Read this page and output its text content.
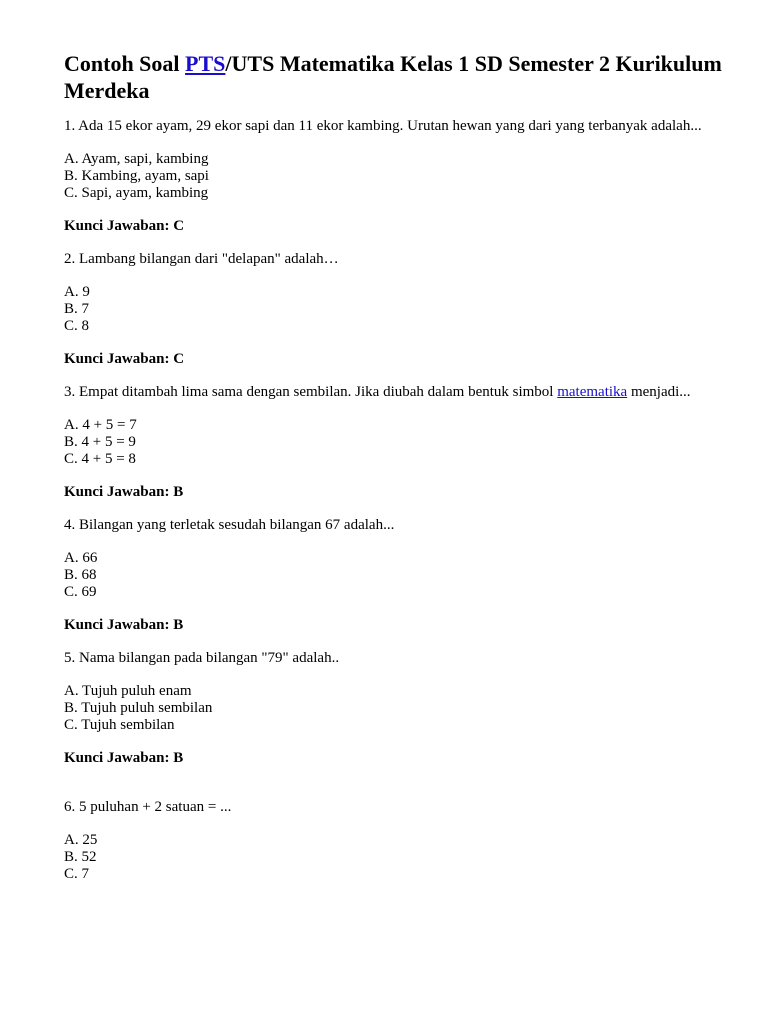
Contoh Soal PTS/UTS Matematika Kelas 1 SD Semester 2 Kurikulum Merdeka

1. Ada 15 ekor ayam, 29 ekor sapi dan 11 ekor kambing. Urutan hewan yang dari yang terbanyak adalah...

A. Ayam, sapi, kambing
B. Kambing, ayam, sapi
C. Sapi, ayam, kambing

Kunci Jawaban: C

2. Lambang bilangan dari "delapan" adalah…

A. 9
B. 7
C. 8

Kunci Jawaban: C

3. Empat ditambah lima sama dengan sembilan. Jika diubah dalam bentuk simbol matematika menjadi...

A. 4 + 5 = 7
B. 4 + 5 = 9
C. 4 + 5 = 8

Kunci Jawaban: B

4. Bilangan yang terletak sesudah bilangan 67 adalah...

A. 66
B. 68
C. 69

Kunci Jawaban: B

5. Nama bilangan pada bilangan "79" adalah..

A. Tujuh puluh enam
B. Tujuh puluh sembilan
C. Tujuh sembilan

Kunci Jawaban: B

6. 5 puluhan + 2 satuan = ...

A. 25
B. 52
C. 7
